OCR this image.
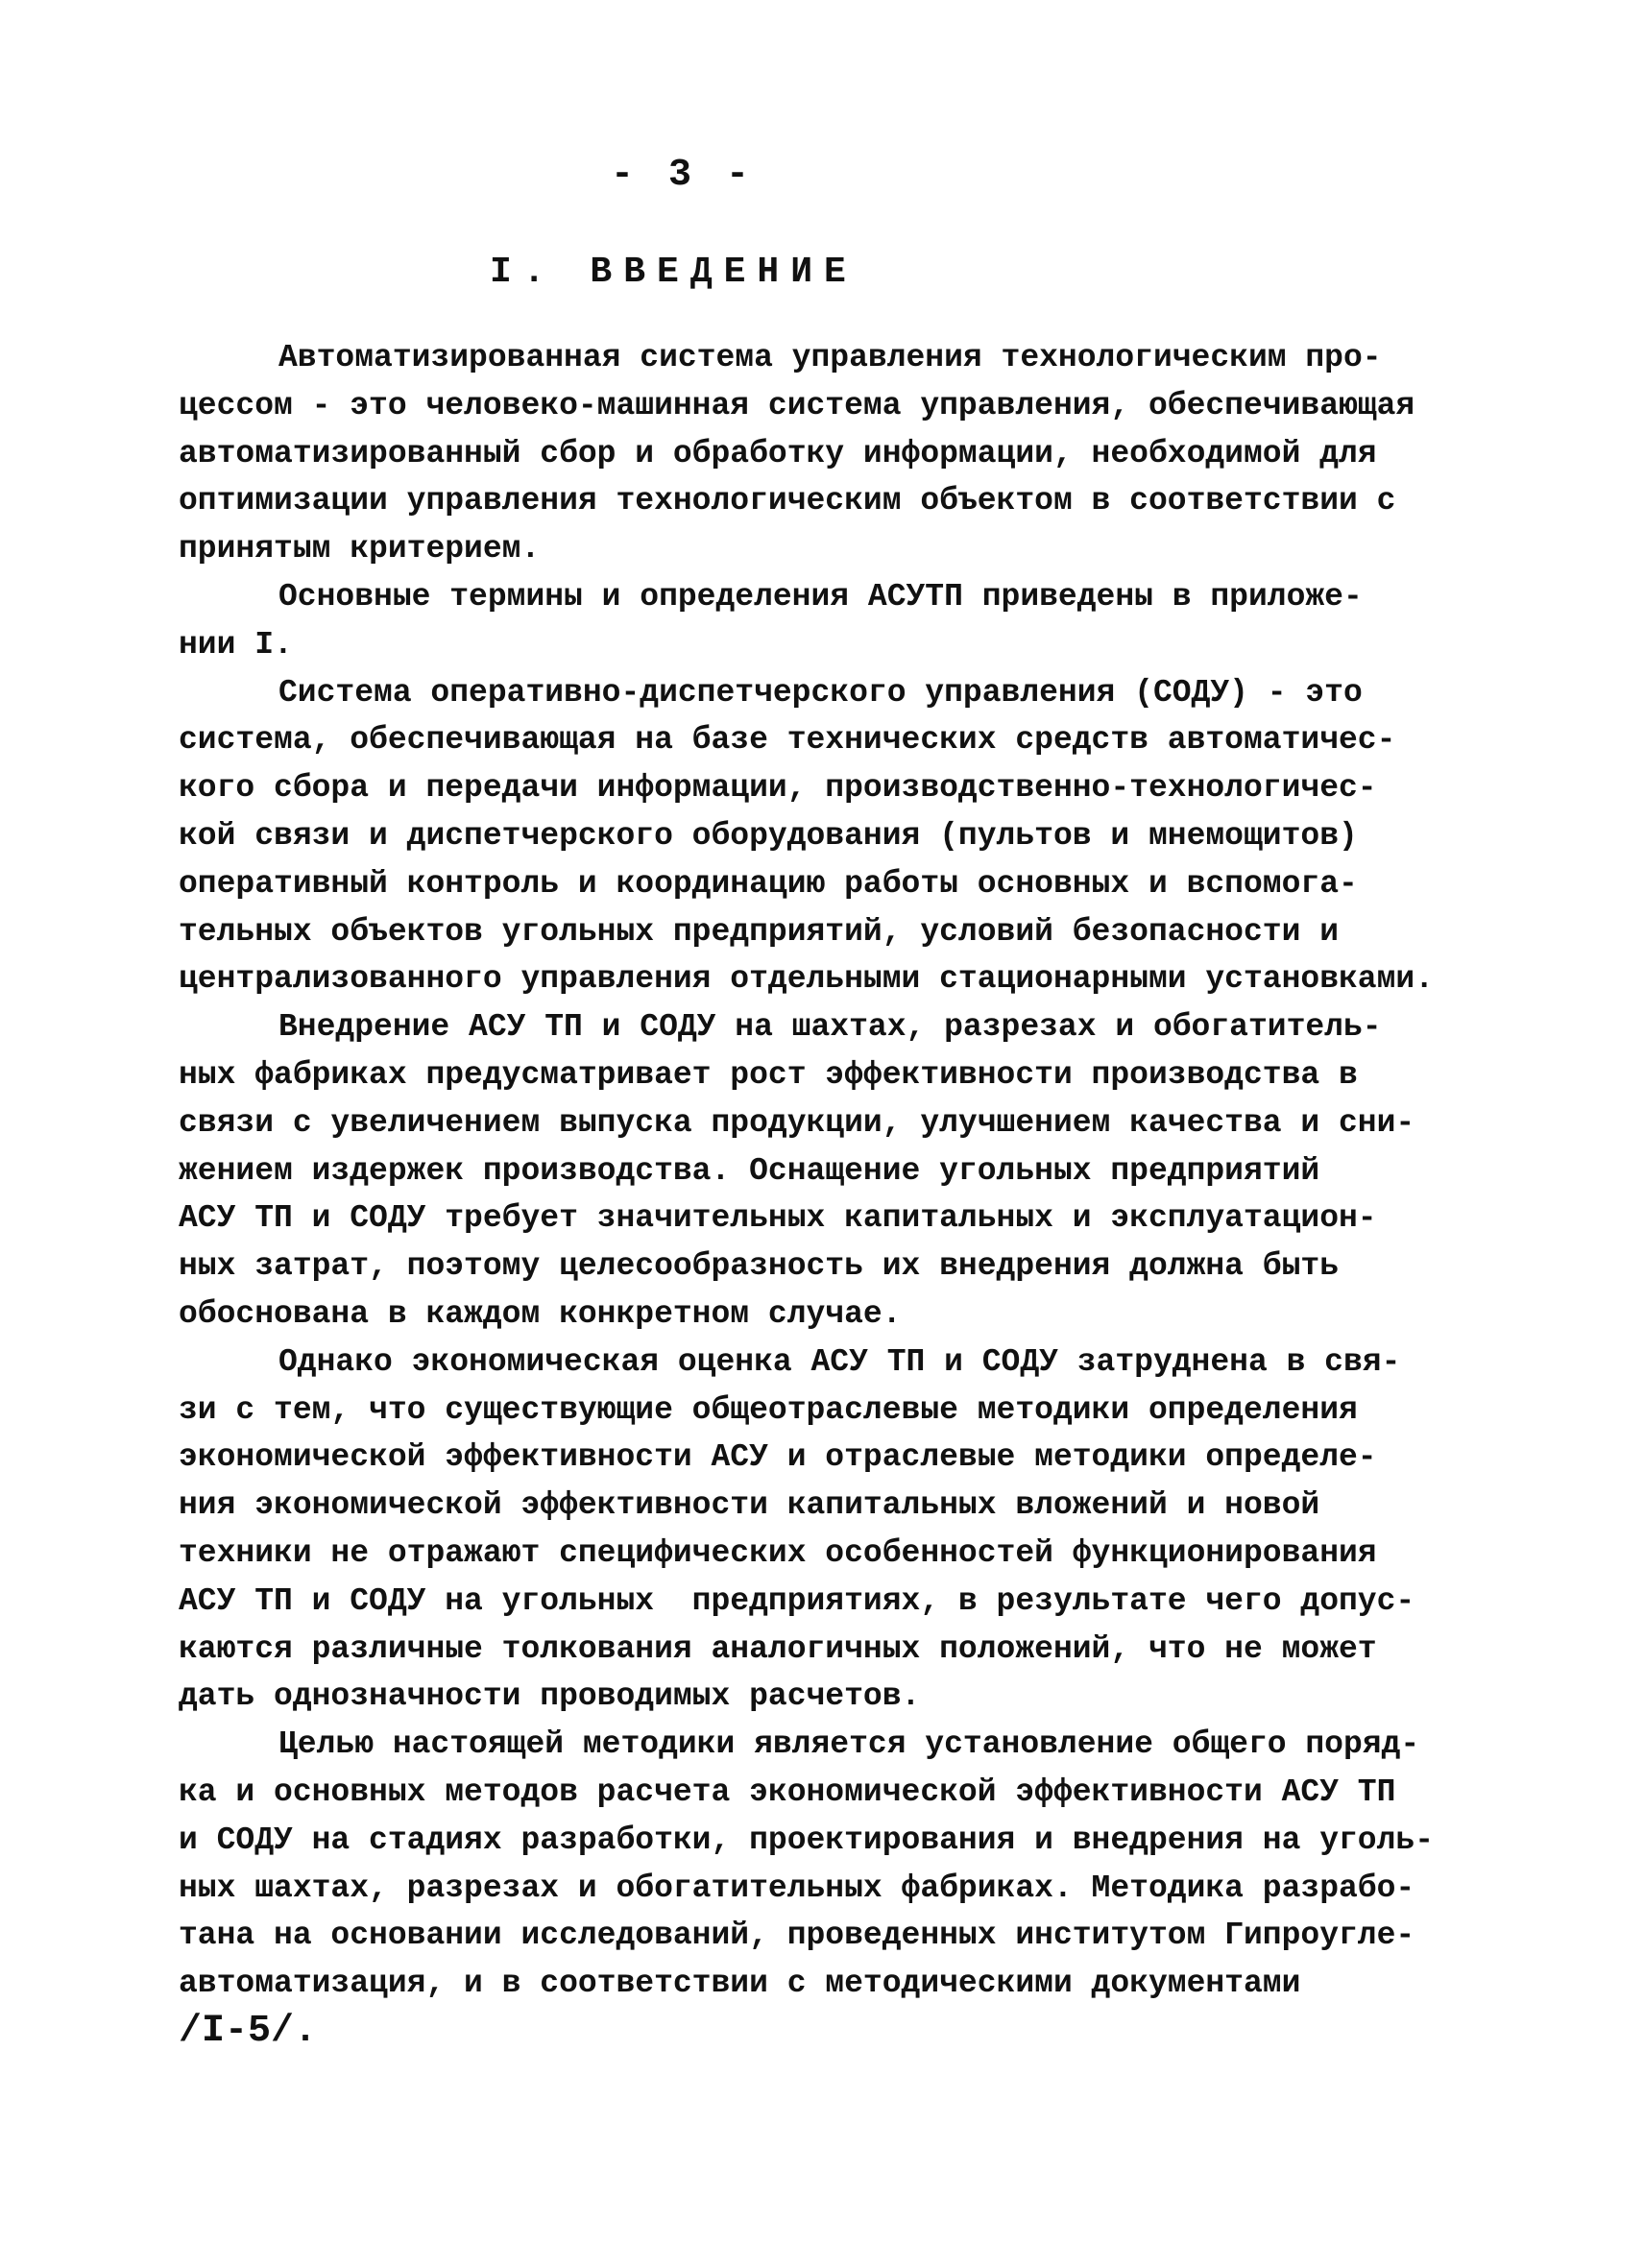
- 3 -
I. ВВЕДЕНИЕ

Автоматизированная система управления технологическим про-
цессом - это человеко-машинная система управления, обеспечивающая
автоматизированный сбор и обработку информации, необходимой для
оптимизации управления технологическим объектом в соответствии с
принятым критерием.

Основные термины и определения АСУТП приведены в приложе-
нии I.

Система оперативно-диспетчерского управления (СОДУ) - это
система, обеспечивающая на базе технических средств автоматичес-
кого сбора и передачи информации, производственно-технологичес-
кой связи и диспетчерского оборудования (пультов и мнемощитов)
оперативный контроль и координацию работы основных и вспомога-
тельных объектов угольных предприятий, условий безопасности и
централизованного управления отдельными стационарными установками.

Внедрение АСУ ТП и СОДУ на шахтах, разрезах и обогатитель-
ных фабриках предусматривает рост эффективности производства в
связи с увеличением выпуска продукции, улучшением качества и сни-
жением издержек производства. Оснащение угольных предприятий
АСУ ТП и СОДУ требует значительных капитальных и эксплуатацион-
ных затрат, поэтому целесообразность их внедрения должна быть
обоснована в каждом конкретном случае.

Однако экономическая оценка АСУ ТП и СОДУ затруднена в свя-
зи с тем, что существующие общеотраслевые методики определения
экономической эффективности АСУ и отраслевые методики определе-
ния экономической эффективности капитальных вложений и новой
техники не отражают специфических особенностей функционирования
АСУ ТП и СОДУ на угольных  предприятиях, в результате чего допус-
каются различные толкования аналогичных положений, что не может
дать однозначности проводимых расчетов.

Целью настоящей методики является установление общего поряд-
ка и основных методов расчета экономической эффективности АСУ ТП
и СОДУ на стадиях разработки, проектирования и внедрения на уголь-
ных шахтах, разрезах и обогатительных фабриках. Методика разрабо-
тана на основании исследований, проведенных институтом Гипроугле-
автоматизация, и в соответствии с методическими документами
/I-5/.
